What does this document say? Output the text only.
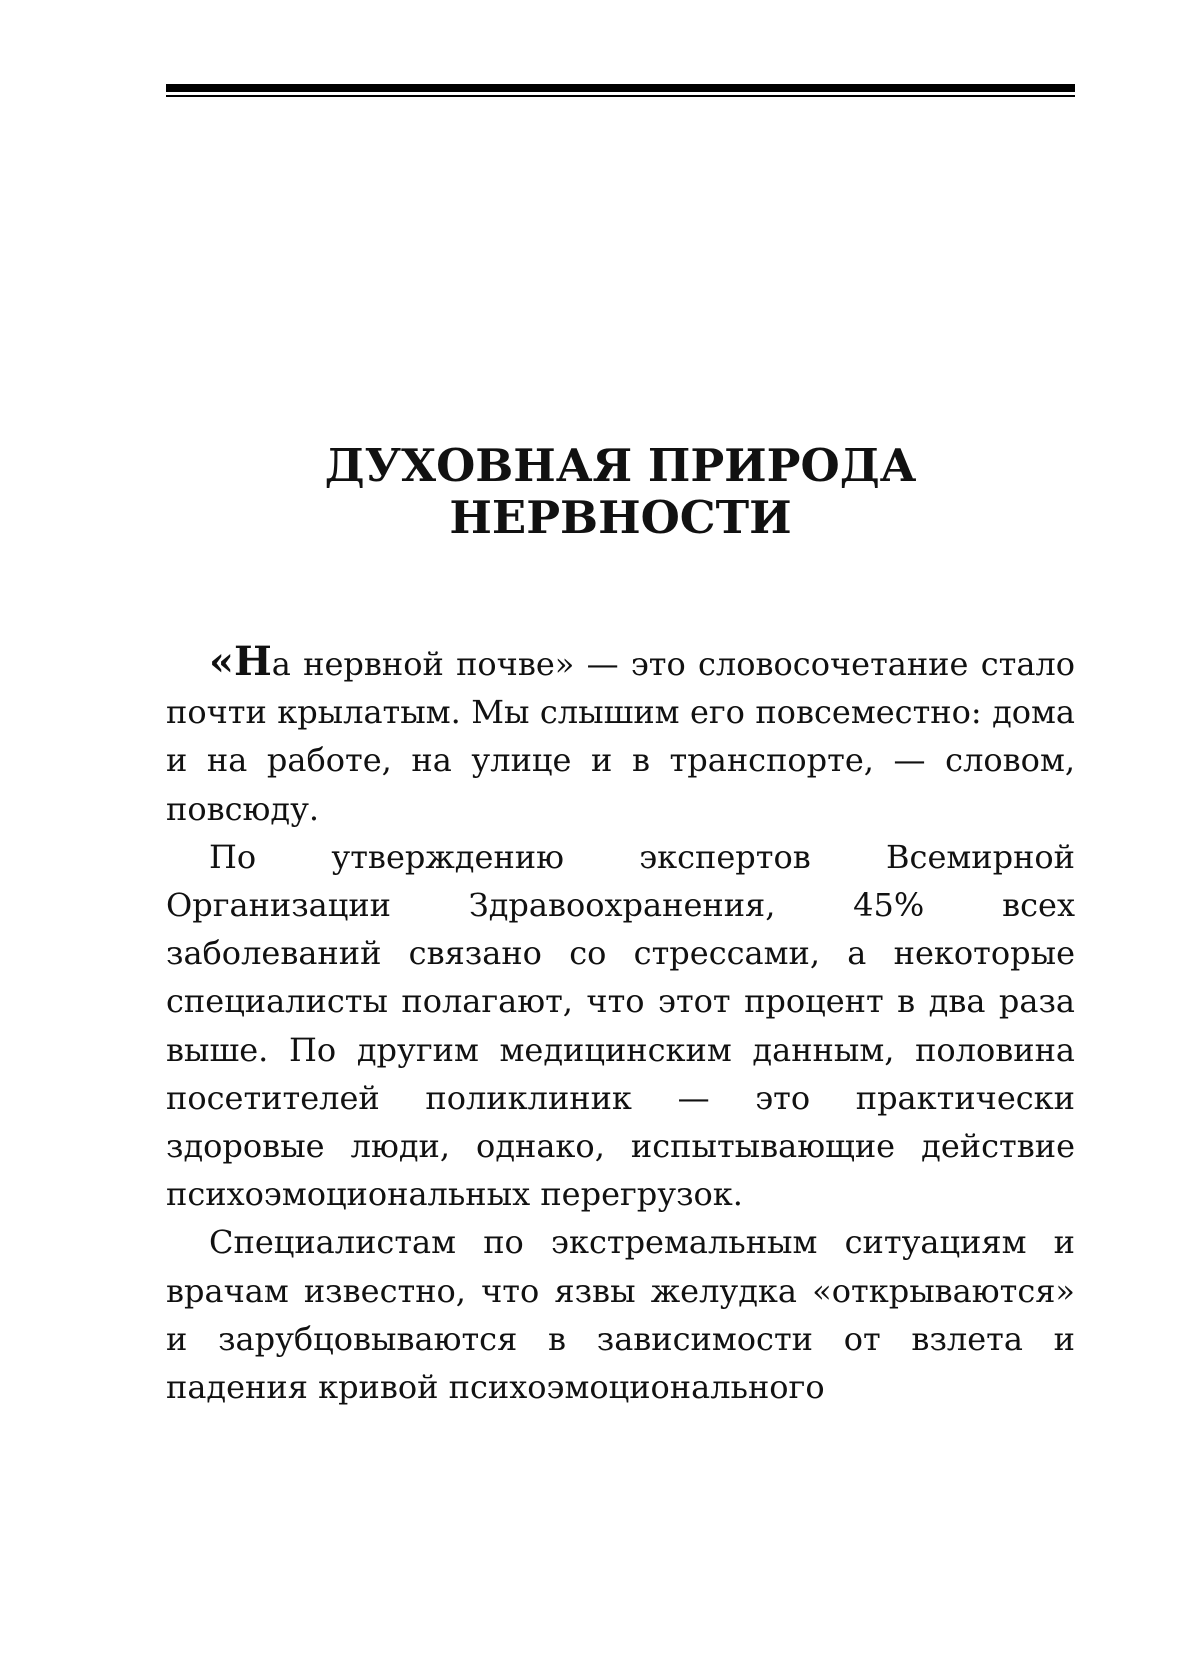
ДУХОВНАЯ ПРИРОДА
НЕРВНОСТИ

«На нервной почве» — это словосочетание стало почти крылатым. Мы слышим его повсеместно: дома и на работе, на улице и в транспорте, — словом, повсюду.

По утверждению экспертов Всемирной Организации Здравоохранения, 45% всех заболеваний связано со стрессами, а некоторые специалисты полагают, что этот процент в два раза выше. По другим медицинским данным, половина посетителей поликлиник — это практически здоровые люди, однако, испытывающие действие психоэмоциональных перегрузок.

Специалистам по экстремальным ситуациям и врачам известно, что язвы желудка «открываются» и зарубцовываются в зависимости от взлета и падения кривой психоэмоционального
